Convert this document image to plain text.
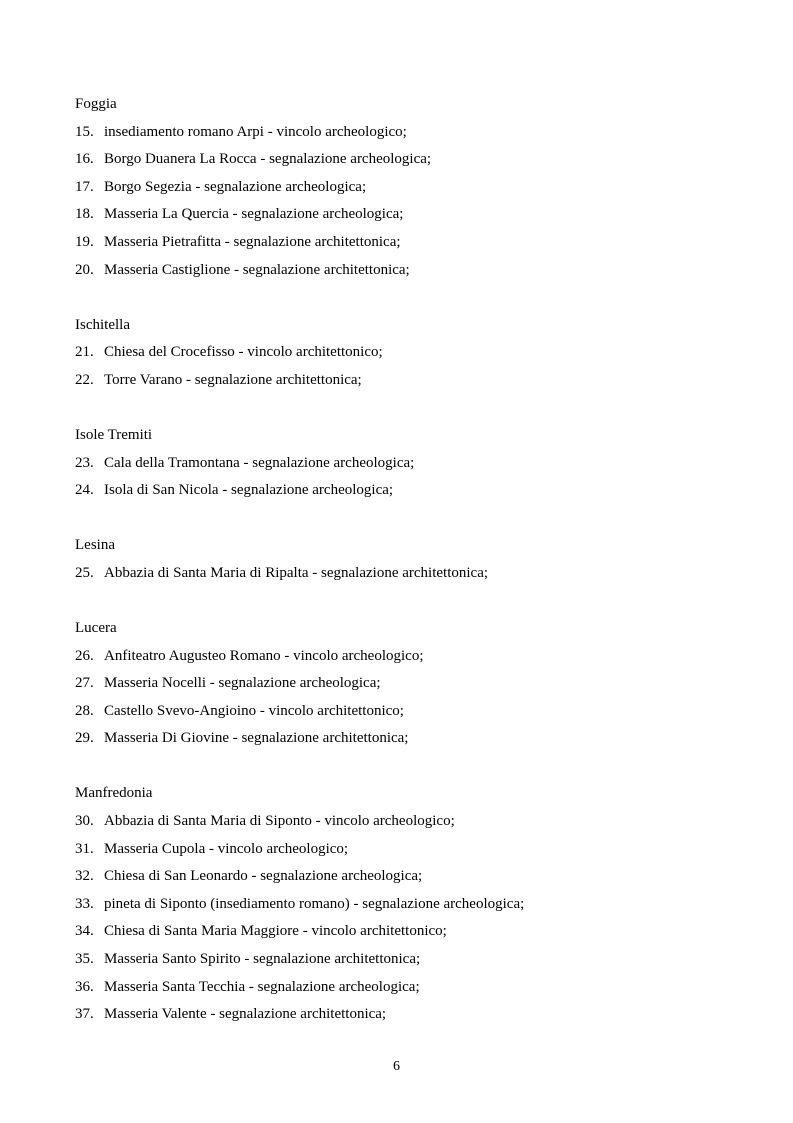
Foggia
15. insediamento romano Arpi - vincolo archeologico;
16. Borgo Duanera La Rocca - segnalazione archeologica;
17. Borgo Segezia - segnalazione archeologica;
18. Masseria La Quercia - segnalazione archeologica;
19. Masseria Pietrafitta - segnalazione architettonica;
20. Masseria Castiglione - segnalazione architettonica;
Ischitella
21. Chiesa del Crocefisso - vincolo architettonico;
22. Torre Varano - segnalazione architettonica;
Isole Tremiti
23. Cala della Tramontana - segnalazione archeologica;
24. Isola di San Nicola - segnalazione archeologica;
Lesina
25. Abbazia di Santa Maria di Ripalta - segnalazione architettonica;
Lucera
26. Anfiteatro Augusteo Romano - vincolo archeologico;
27. Masseria Nocelli - segnalazione archeologica;
28. Castello Svevo-Angioino - vincolo architettonico;
29. Masseria Di Giovine - segnalazione architettonica;
Manfredonia
30. Abbazia di Santa Maria di Siponto - vincolo archeologico;
31. Masseria Cupola - vincolo archeologico;
32. Chiesa di San Leonardo - segnalazione archeologica;
33. pineta di Siponto (insediamento romano) - segnalazione archeologica;
34. Chiesa di Santa Maria Maggiore - vincolo architettonico;
35. Masseria Santo Spirito - segnalazione architettonica;
36. Masseria Santa Tecchia - segnalazione archeologica;
37. Masseria Valente - segnalazione architettonica;
6
